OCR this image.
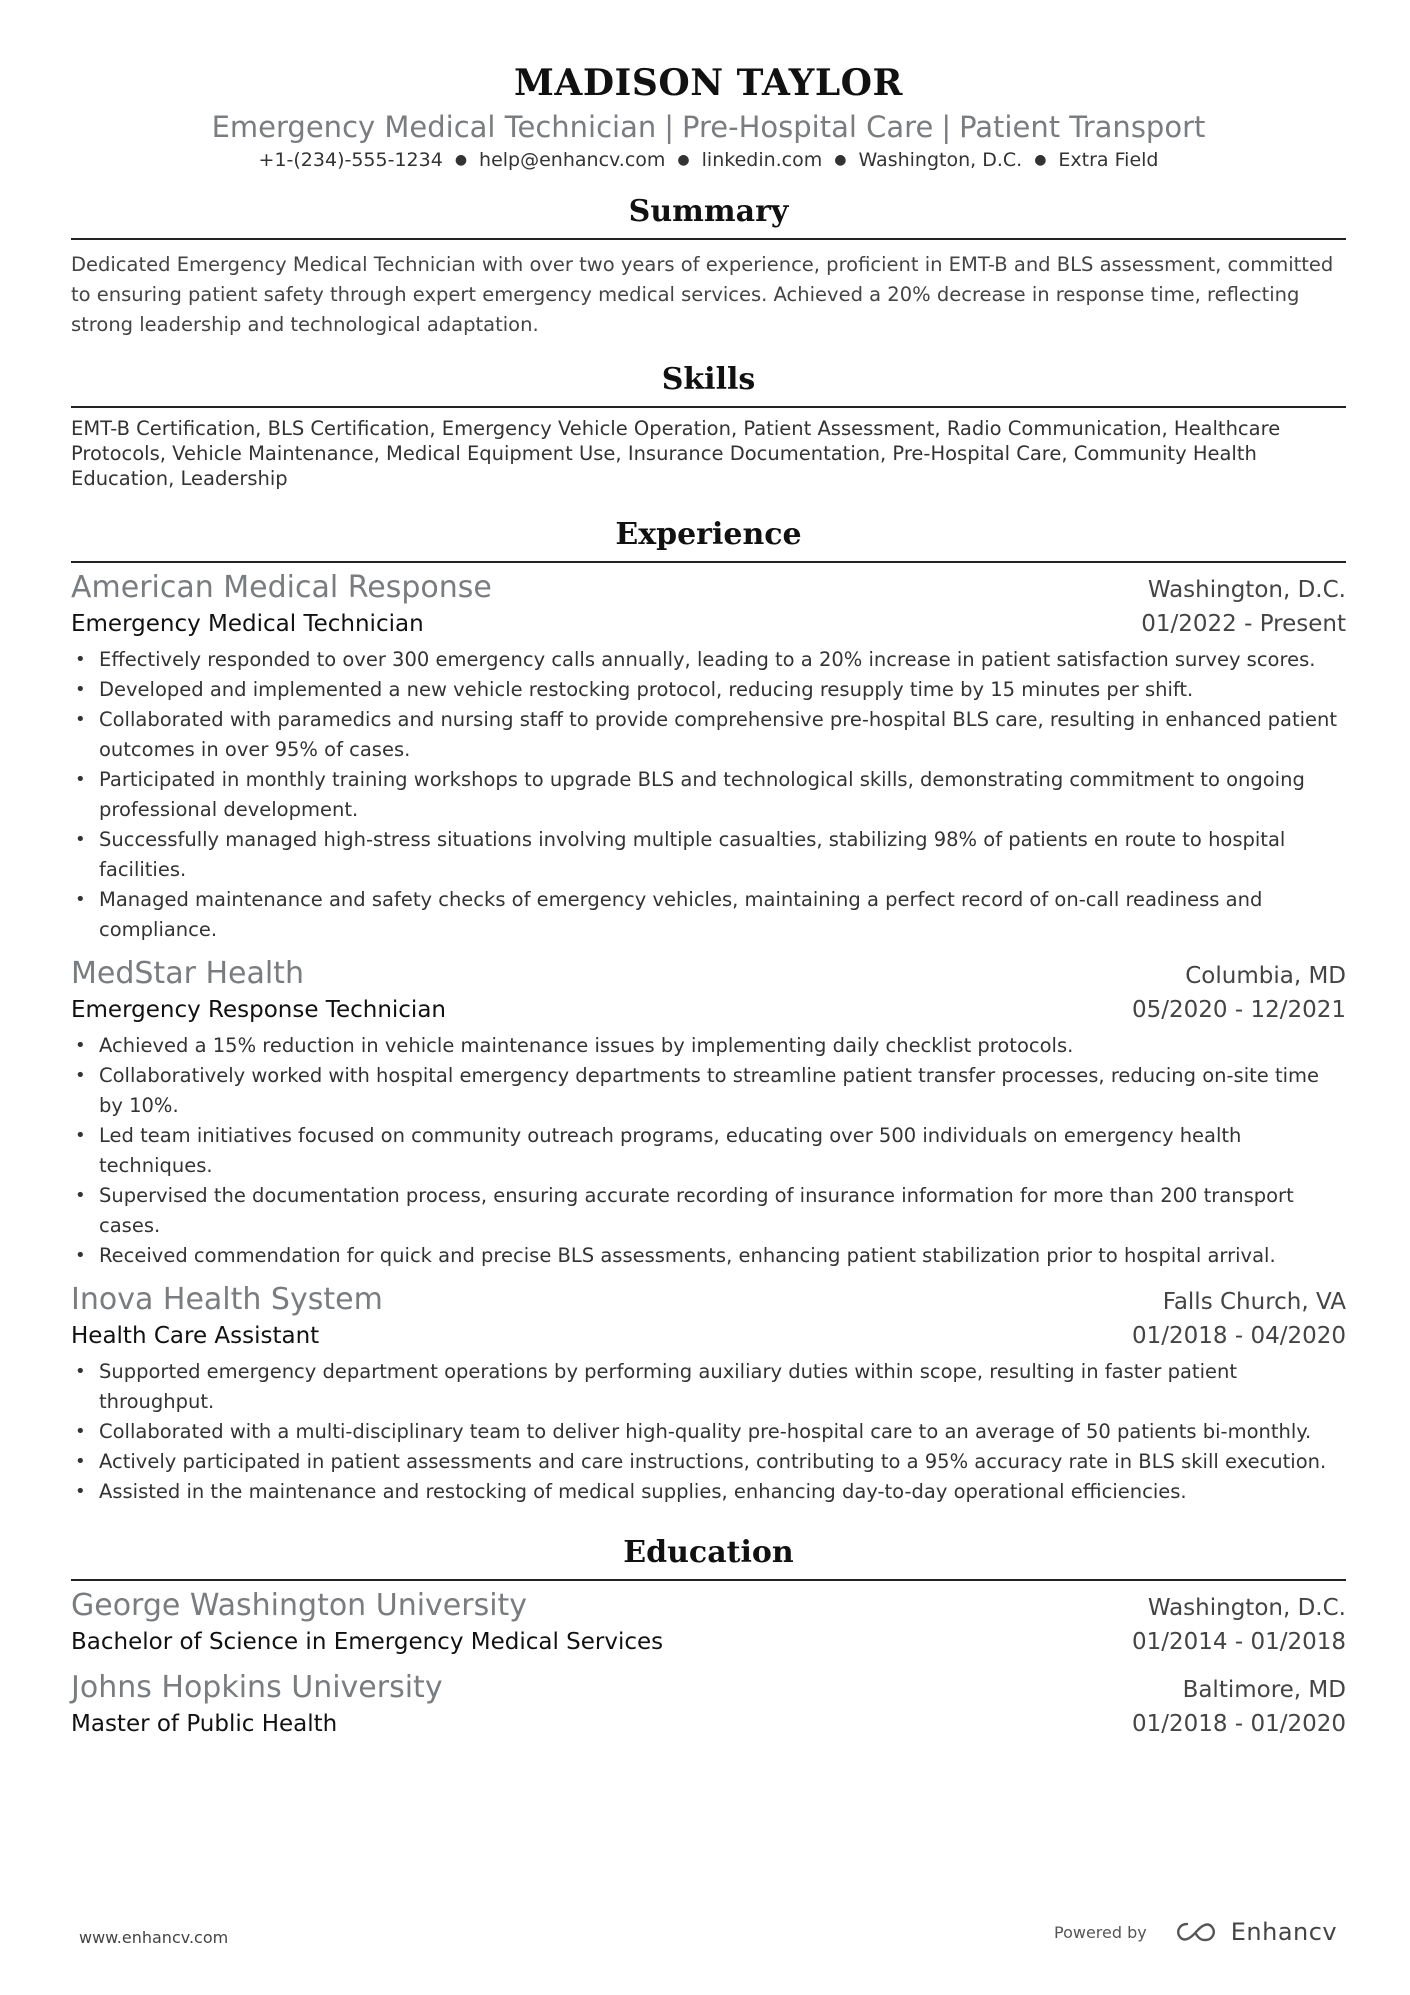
MADISON TAYLOR
Emergency Medical Technician | Pre-Hospital Care | Patient Transport
+1-(234)-555-1234 ● help@enhancv.com ● linkedin.com ● Washington, D.C. ● Extra Field
Summary
Dedicated Emergency Medical Technician with over two years of experience, proficient in EMT-B and BLS assessment, committed to ensuring patient safety through expert emergency medical services. Achieved a 20% decrease in response time, reflecting strong leadership and technological adaptation.
Skills
EMT-B Certification, BLS Certification, Emergency Vehicle Operation, Patient Assessment, Radio Communication, Healthcare Protocols, Vehicle Maintenance, Medical Equipment Use, Insurance Documentation, Pre-Hospital Care, Community Health Education, Leadership
Experience
American Medical Response	Washington, D.C.
Emergency Medical Technician	01/2022 - Present
• Effectively responded to over 300 emergency calls annually, leading to a 20% increase in patient satisfaction survey scores.
• Developed and implemented a new vehicle restocking protocol, reducing resupply time by 15 minutes per shift.
• Collaborated with paramedics and nursing staff to provide comprehensive pre-hospital BLS care, resulting in enhanced patient outcomes in over 95% of cases.
• Participated in monthly training workshops to upgrade BLS and technological skills, demonstrating commitment to ongoing professional development.
• Successfully managed high-stress situations involving multiple casualties, stabilizing 98% of patients en route to hospital facilities.
• Managed maintenance and safety checks of emergency vehicles, maintaining a perfect record of on-call readiness and compliance.
MedStar Health	Columbia, MD
Emergency Response Technician	05/2020 - 12/2021
• Achieved a 15% reduction in vehicle maintenance issues by implementing daily checklist protocols.
• Collaboratively worked with hospital emergency departments to streamline patient transfer processes, reducing on-site time by 10%.
• Led team initiatives focused on community outreach programs, educating over 500 individuals on emergency health techniques.
• Supervised the documentation process, ensuring accurate recording of insurance information for more than 200 transport cases.
• Received commendation for quick and precise BLS assessments, enhancing patient stabilization prior to hospital arrival.
Inova Health System	Falls Church, VA
Health Care Assistant	01/2018 - 04/2020
• Supported emergency department operations by performing auxiliary duties within scope, resulting in faster patient throughput.
• Collaborated with a multi-disciplinary team to deliver high-quality pre-hospital care to an average of 50 patients bi-monthly.
• Actively participated in patient assessments and care instructions, contributing to a 95% accuracy rate in BLS skill execution.
• Assisted in the maintenance and restocking of medical supplies, enhancing day-to-day operational efficiencies.
Education
George Washington University	Washington, D.C.
Bachelor of Science in Emergency Medical Services	01/2014 - 01/2018
Johns Hopkins University	Baltimore, MD
Master of Public Health	01/2018 - 01/2020
www.enhancv.com	Powered by	Enhancv
